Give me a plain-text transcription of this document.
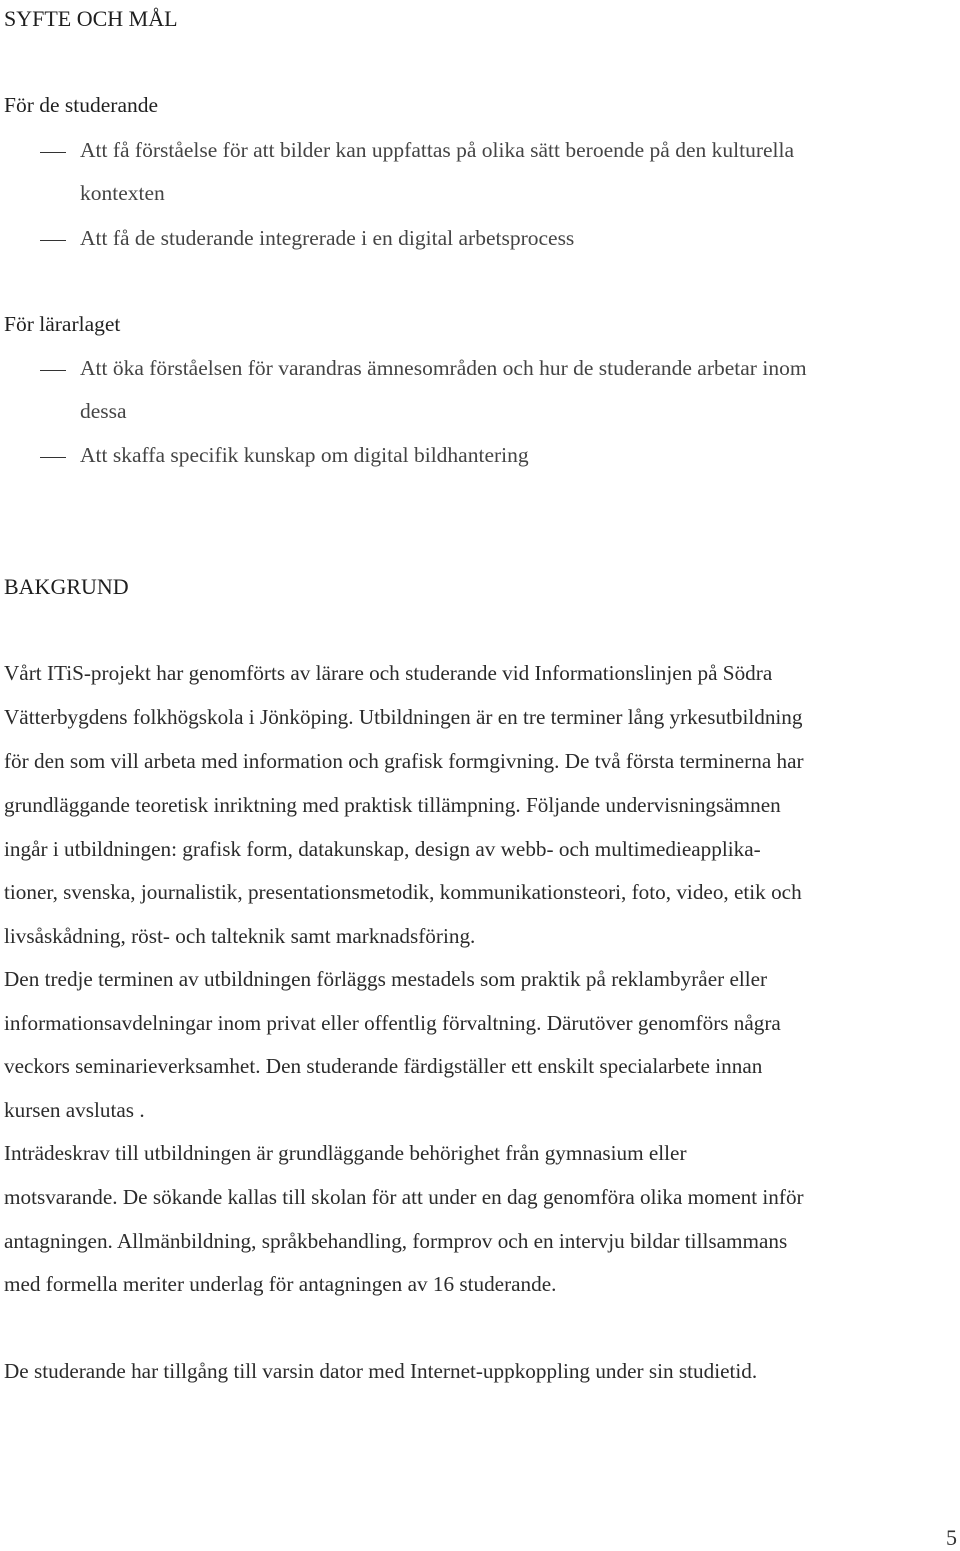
SYFTE OCH MÅL
För de studerande
Att få förståelse för att bilder kan uppfattas på olika sätt beroende på den kulturella
kontexten
Att få de studerande integrerade i en digital arbetsprocess
För lärarlaget
Att öka förståelsen för varandras ämnesområden och hur de studerande arbetar inom
dessa
Att skaffa specifik kunskap om digital bildhantering
BAKGRUND
Vårt ITiS-projekt har genomförts av lärare och studerande vid Informationslinjen på Södra
Vätterbygdens folkhögskola i Jönköping. Utbildningen är en tre terminer lång yrkesutbildning
för den som vill arbeta med information och grafisk formgivning. De två första terminerna har
grundläggande teoretisk inriktning med praktisk tillämpning. Följande undervisningsämnen
ingår i utbildningen: grafisk form, datakunskap, design av webb- och multimedieapplika-
tioner, svenska, journalistik, presentationsmetodik, kommunikationsteori, foto, video, etik och
livsåskådning, röst- och talteknik samt marknadsföring.
Den tredje terminen av utbildningen förläggs mestadels som praktik på reklambyråer eller
informationsavdelningar inom privat eller offentlig förvaltning. Därutöver genomförs några
veckors seminarieverksamhet. Den studerande färdigställer ett enskilt specialarbete innan
kursen avslutas .
Inträdeskrav till utbildningen är grundläggande behörighet från gymnasium eller
motsvarande. De sökande kallas till skolan för att under en dag genomföra olika moment inför
antagningen. Allmänbildning, språkbehandling, formprov och en intervju bildar tillsammans
med formella meriter underlag för antagningen av 16 studerande.
De studerande har tillgång till varsin dator med Internet-uppkoppling under sin studietid.
5
